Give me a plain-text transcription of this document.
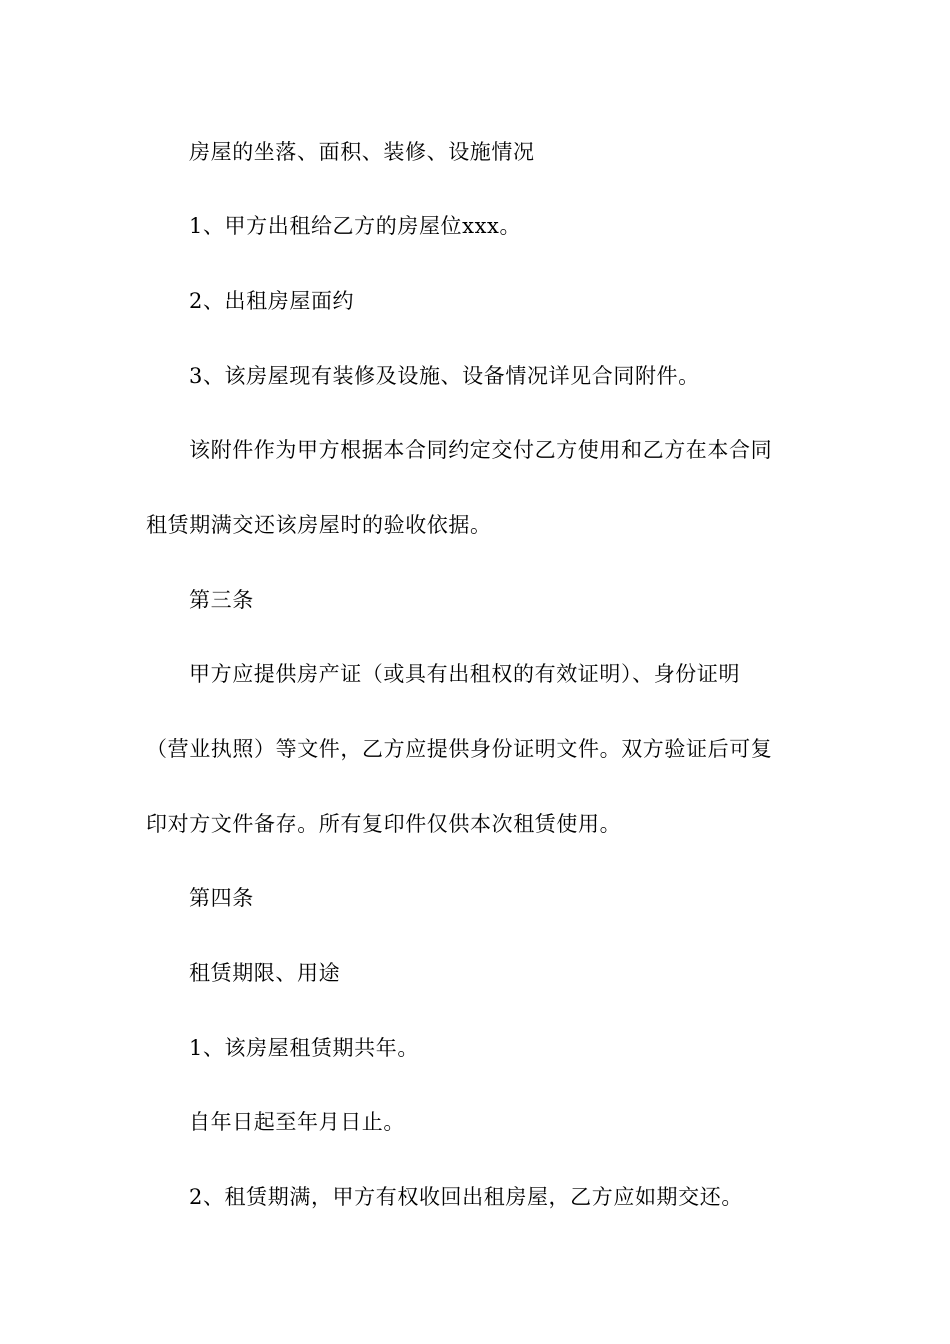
房屋的坐落、面积、装修、设施情况
1、甲方出租给乙方的房屋位xxx。
2、出租房屋面约
3、该房屋现有装修及设施、设备情况详见合同附件。
该附件作为甲方根据本合同约定交付乙方使用和乙方在本合同
租赁期满交还该房屋时的验收依据。
第三条
甲方应提供房产证（或具有出租权的有效证明）、身份证明
（营业执照）等文件，乙方应提供身份证明文件。双方验证后可复
印对方文件备存。所有复印件仅供本次租赁使用。
第四条
租赁期限、用途
1、该房屋租赁期共年。
自年日起至年月日止。
2、租赁期满，甲方有权收回出租房屋，乙方应如期交还。
